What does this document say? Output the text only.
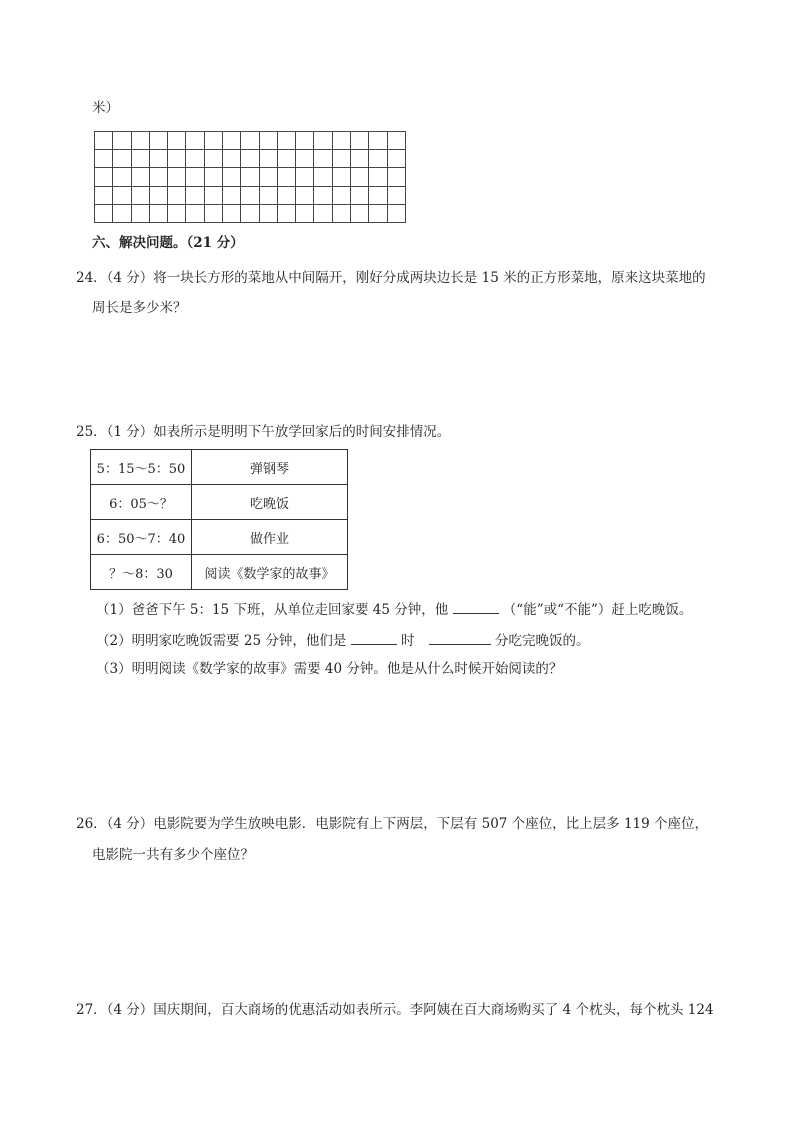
米）

六、解决问题。（21 分）
24．（4 分）将一块长方形的菜地从中间隔开，刚好分成两块边长是 15 米的正方形菜地，原来这块菜地的
周长是多少米？
25．（1 分）如表所示是明明下午放学回家后的时间安排情况。
5：15～5：50	弹钢琴
6：05～？	吃晚饭
6：50～7：40	做作业
？～8：30	阅读《数学家的故事》
（1）爸爸下午 5：15 下班，从单位走回家要 45 分钟，他	（“能”或“不能”）赶上吃晚饭。
（2）明明家吃晚饭需要 25 分钟，他们是	时	分吃完晚饭的。
（3）明明阅读《数学家的故事》需要 40 分钟。他是从什么时候开始阅读的？
26．（4 分）电影院要为学生放映电影．电影院有上下两层，下层有 507 个座位，比上层多 119 个座位，
电影院一共有多少个座位？
27．（4 分）国庆期间，百大商场的优惠活动如表所示。李阿姨在百大商场购买了 4 个枕头，每个枕头 124
